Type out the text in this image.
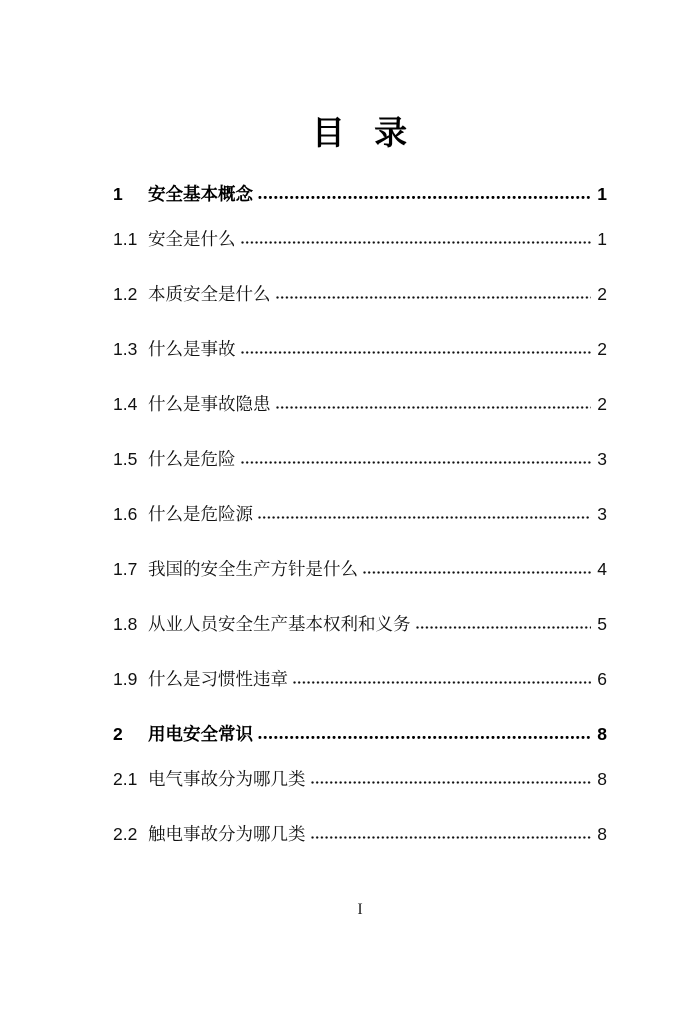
目 录
1	安全基本概念	1
1.1 安全是什么	1
1.2 本质安全是什么	2
1.3 什么是事故	2
1.4 什么是事故隐患	2
1.5 什么是危险	3
1.6 什么是危险源	3
1.7 我国的安全生产方针是什么	4
1.8 从业人员安全生产基本权利和义务	5
1.9 什么是习惯性违章	6
2	用电安全常识	8
2.1 电气事故分为哪几类	8
2.2 触电事故分为哪几类	8
I
